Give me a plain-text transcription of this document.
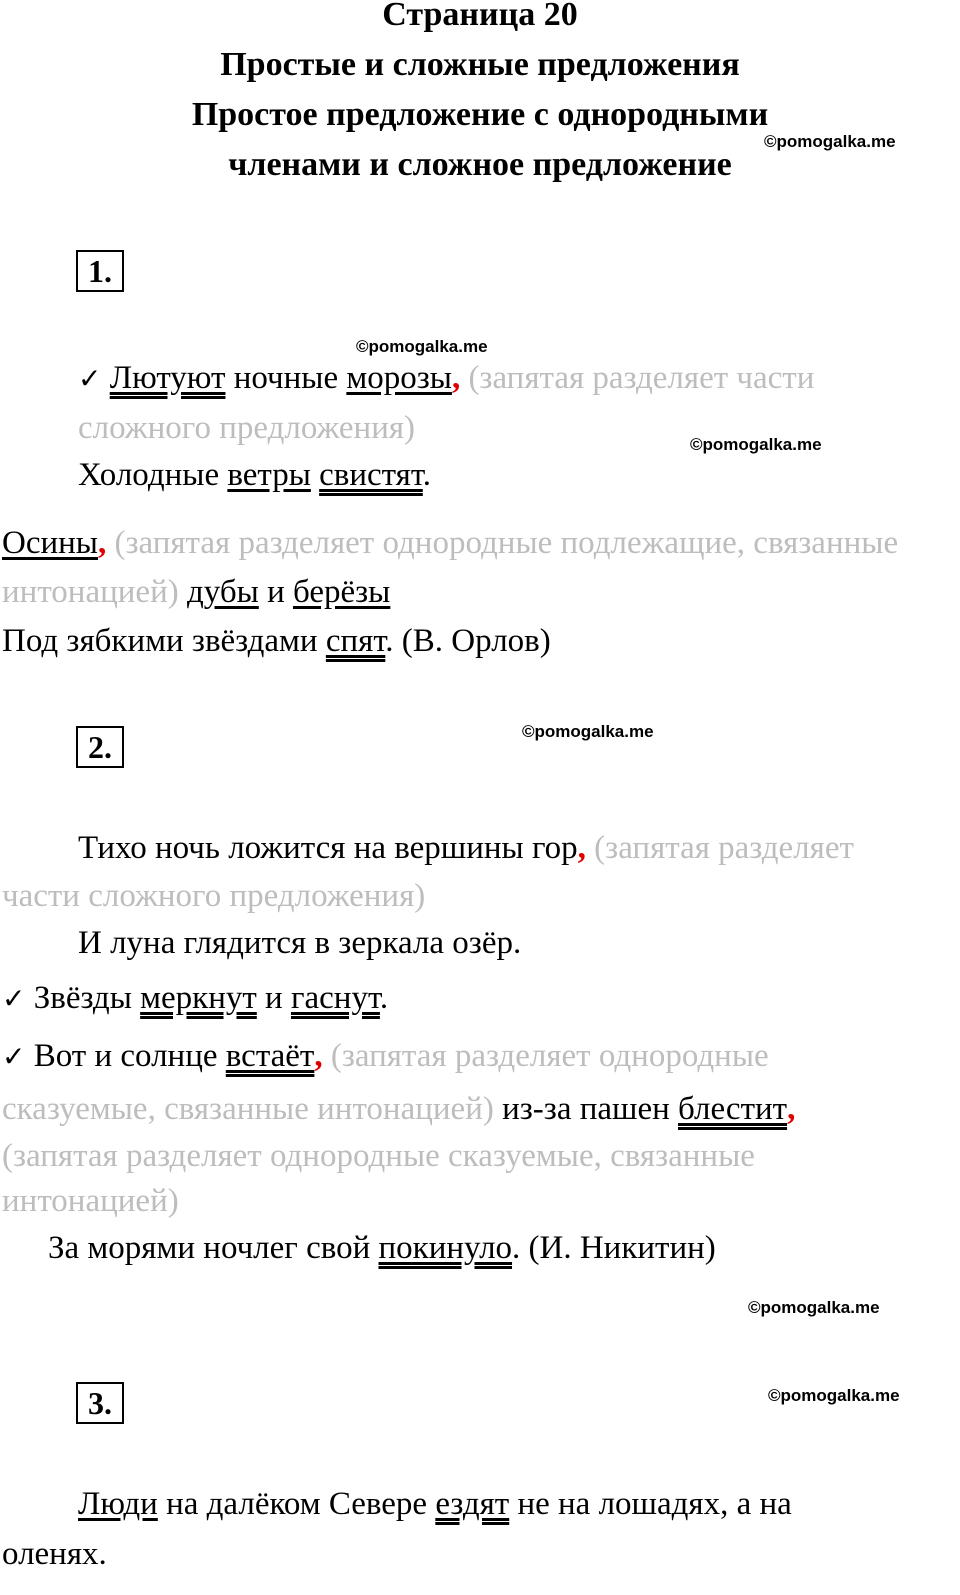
Страница 20
Простые и сложные предложения
Простое предложение с однородными
членами и сложное предложение
©pomogalka.me
©pomogalka.me
©pomogalka.me
©pomogalka.me
©pomogalka.me
©pomogalka.me
1.
✓ Лютуют ночные морозы, (запятая разделяет части
сложного предложения)
Холодные ветры свистят.
Осины, (запятая разделяет однородные подлежащие, связанные
интонацией) дубы и берёзы
Под зябкими звёздами спят. (В. Орлов)
2.
Тихо ночь ложится на вершины гор, (запятая разделяет
части сложного предложения)
И луна глядится в зеркала озёр.
✓ Звёзды меркнут и гаснут.
✓ Вот и солнце встаёт, (запятая разделяет однородные
сказуемые, связанные интонацией) из-за пашен блестит,
(запятая разделяет однородные сказуемые, связанные
интонацией)
За морями ночлег свой покинуло. (И. Никитин)
3.
Люди на далёком Севере ездят не на лошадях, а на
оленях.
